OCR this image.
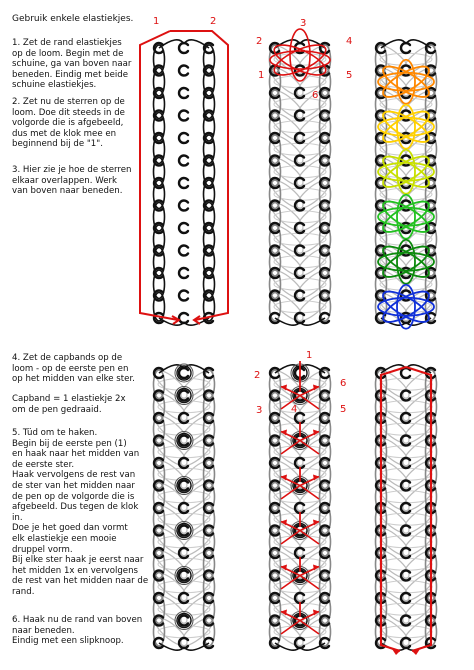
Gebruik enkele elastiekjes.
1. Zet de rand elastiekjes
op de loom. Begin met de
schuine, ga van boven naar
beneden. Eindig met beide
schuine elastiekjes.
2. Zet nu de sterren op de
loom. Doe dit steeds in de
volgorde die is afgebeeld,
dus met de klok mee en
beginnend bij de "1".
3. Hier zie je hoe de sterren
elkaar overlappen. Werk
van boven naar beneden.
4. Zet de capbands op de
loom - op de eerste pen en
op het midden van elke ster.
Capband = 1 elastiekje 2x
om de pen gedraaid.
5. Tüd om te haken.
Begin bij de eerste pen (1)
en haak naar het midden van
de eerste ster.
Haak vervolgens de rest van
de ster van het midden naar
de pen op de volgorde die is
afgebeeld. Dus tegen de klok
in.
Doe je het goed dan vormt
elk elastiekje een mooie
druppel vorm.
Bij elke ster haak je eerst naar
het midden 1x en vervolgens
de rest van het midden naar de
rand.
6. Haak nu de rand van boven
naar beneden.
Eindig met een slipknoop.
1	2
2
3
4
1
6
5
1
2
6
3	4	5
